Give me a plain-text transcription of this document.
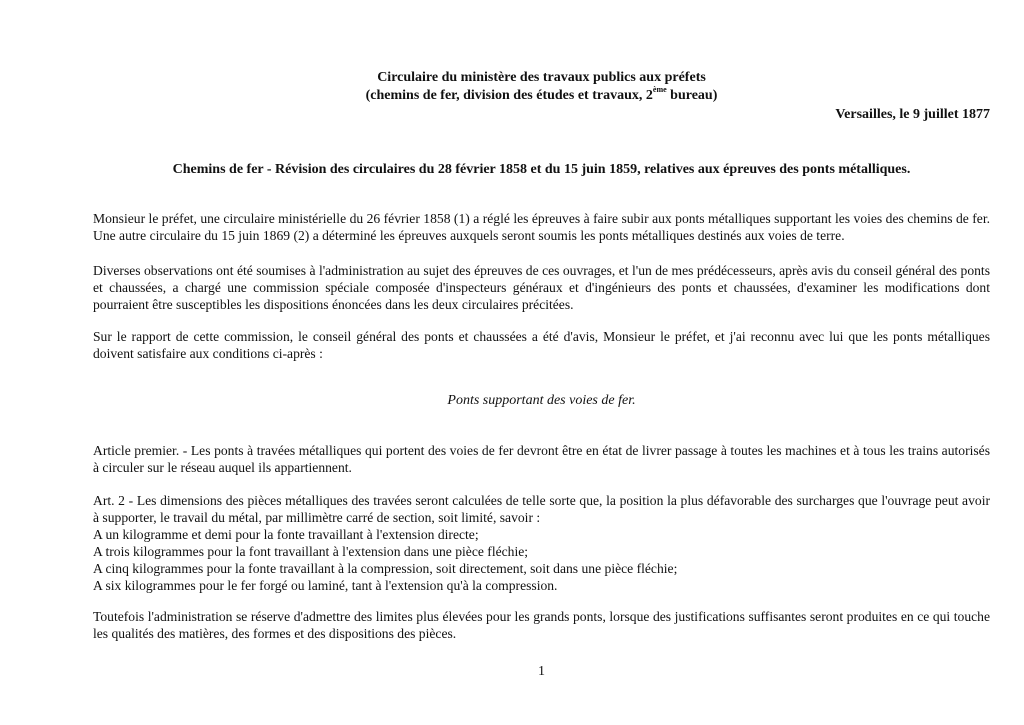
Circulaire du ministère des travaux publics aux préfets
(chemins de fer, division des études et travaux, 2ème bureau)
Versailles, le 9 juillet 1877
Chemins de fer - Révision des circulaires du 28 février 1858 et du 15 juin 1859, relatives aux épreuves des ponts métalliques.

Monsieur le préfet, une circulaire ministérielle du 26 février 1858 (1) a réglé les épreuves à faire subir aux ponts métalliques supportant les voies des chemins de fer. Une autre circulaire du 15 juin 1869 (2) a déterminé les épreuves auxquels seront soumis les ponts métalliques destinés aux voies de terre.

Diverses observations ont été soumises à l'administration au sujet des épreuves de ces ouvrages, et l'un de mes prédécesseurs, après avis du conseil général des ponts et chaussées, a chargé une commission spéciale composée d'inspecteurs généraux et d'ingénieurs des ponts et chaussées, d'examiner les modifications dont pourraient être susceptibles les dispositions énoncées dans les deux circulaires précitées.

Sur le rapport de cette commission, le conseil général des ponts et chaussées a été d'avis, Monsieur le préfet, et j'ai reconnu avec lui que les ponts métalliques doivent satisfaire aux conditions ci-après :

Ponts supportant des voies de fer.

Article premier. - Les ponts à travées métalliques qui portent des voies de fer devront être en état de livrer passage à toutes les machines et à tous les trains autorisés à circuler sur le réseau auquel ils appartiennent.

Art. 2 - Les dimensions des pièces métalliques des travées seront calculées de telle sorte que, la position la plus défavorable des surcharges que l'ouvrage peut avoir à supporter, le travail du métal, par millimètre carré de section, soit limité, savoir :
A un kilogramme et demi pour la fonte travaillant à l'extension directe;
A trois kilogrammes pour la font travaillant à l'extension dans une pièce fléchie;
A cinq kilogrammes pour la fonte travaillant à la compression, soit directement, soit dans une pièce fléchie;
A six kilogrammes pour le fer forgé ou laminé, tant à l'extension qu'à la compression.

Toutefois l'administration se réserve d'admettre des limites plus élevées pour les grands ponts, lorsque des justifications suffisantes seront produites en ce qui touche les qualités des matières, des formes et des dispositions des pièces.

1
